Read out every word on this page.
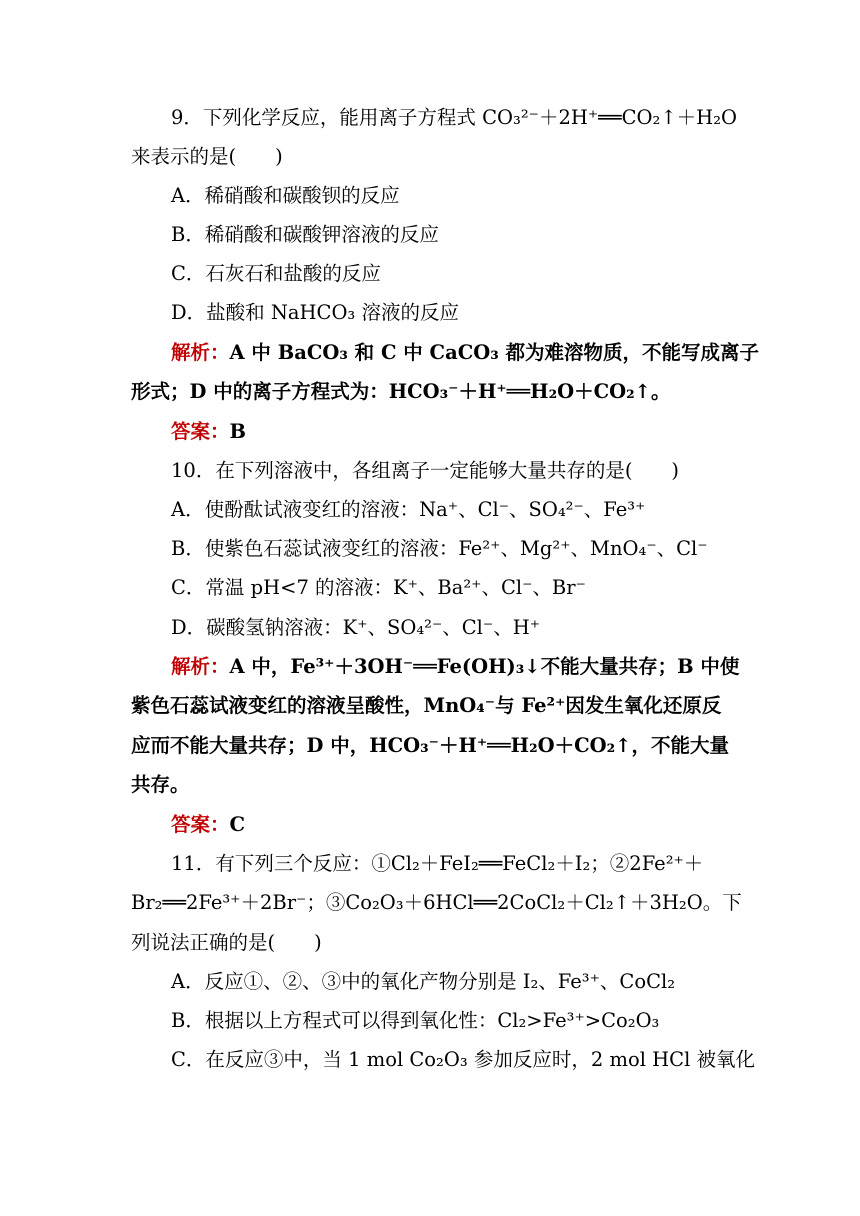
9．下列化学反应，能用离子方程式 CO₃²⁻＋2H⁺══CO₂↑＋H₂O
来表示的是(　　)
A．稀硝酸和碳酸钡的反应
B．稀硝酸和碳酸钾溶液的反应
C．石灰石和盐酸的反应
D．盐酸和 NaHCO₃ 溶液的反应
解析：A 中 BaCO₃ 和 C 中 CaCO₃ 都为难溶物质，不能写成离子
形式；D 中的离子方程式为：HCO₃⁻＋H⁺══H₂O＋CO₂↑。
答案：B
10．在下列溶液中，各组离子一定能够大量共存的是(　　)
A．使酚酞试液变红的溶液：Na⁺、Cl⁻、SO₄²⁻、Fe³⁺
B．使紫色石蕊试液变红的溶液：Fe²⁺、Mg²⁺、MnO₄⁻、Cl⁻
C．常温 pH<7 的溶液：K⁺、Ba²⁺、Cl⁻、Br⁻
D．碳酸氢钠溶液：K⁺、SO₄²⁻、Cl⁻、H⁺
解析：A 中，Fe³⁺＋3OH⁻══Fe(OH)₃↓不能大量共存；B 中使
紫色石蕊试液变红的溶液呈酸性，MnO₄⁻与 Fe²⁺因发生氧化还原反
应而不能大量共存；D 中，HCO₃⁻＋H⁺══H₂O＋CO₂↑，不能大量
共存。
答案：C
11．有下列三个反应：①Cl₂＋FeI₂══FeCl₂＋I₂；②2Fe²⁺＋
Br₂══2Fe³⁺＋2Br⁻；③Co₂O₃＋6HCl══2CoCl₂＋Cl₂↑＋3H₂O。下
列说法正确的是(　　)
A．反应①、②、③中的氧化产物分别是 I₂、Fe³⁺、CoCl₂
B．根据以上方程式可以得到氧化性：Cl₂>Fe³⁺>Co₂O₃
C．在反应③中，当 1 mol Co₂O₃ 参加反应时，2 mol HCl 被氧化
